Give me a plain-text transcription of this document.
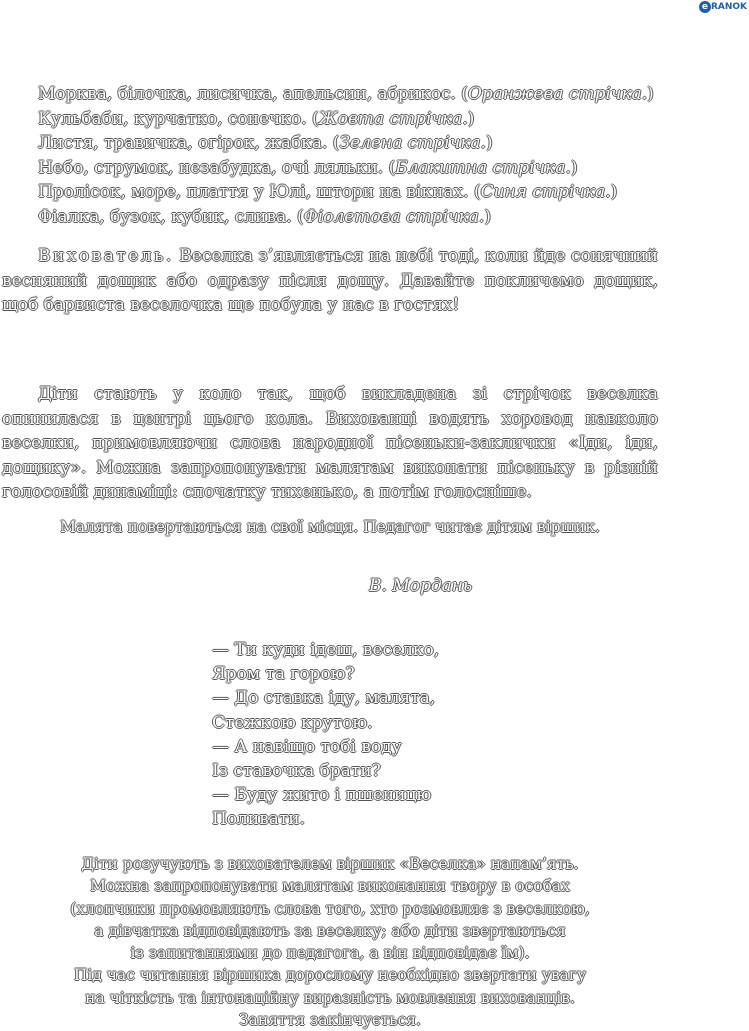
e RANOK
Морква, білочка, лисичка, апельсин, абрикос. (Оранжева стрічка.)
Кульбаби, курчатко, сонечко. (Жовта стрічка.)
Листя, травичка, огірок, жабка. (Зелена стрічка.)
Небо, струмок, незабудка, очі ляльки. (Блакитна стрічка.)
Пролісок, море, плаття у Юлі, штори на вікнах. (Синя стрічка.)
Фіалка, бузок, кубик, слива. (Фіолетова стрічка.)

Вихователь. Веселка з’являється на небі тоді, коли йде сонячний весняний дощик або одразу після дощу. Давайте покличемо дощик, щоб барвиста веселочка ще побула у нас в гостях!

Діти стають у коло так, щоб викладена зі стрічок веселка опинилася в центрі цього кола. Вихованці водять хоровод навколо веселки, примовляючи слова народної пісеньки-заклички «Іди, іди, дощику». Можна запропонувати малятам виконати пісеньку в різній голосовій динаміці: спочатку тихенько, а потім голосніше.

Малята повертаються на свої місця. Педагог читає дітям віршик.
В. Мордань
— Ти куди ідеш, веселко,
Яром та горою?
— До ставка іду, малята,
Стежкою крутою.
— А навіщо тобі воду
Із ставочка брати?
— Буду жито і пшеницю
Поливати.
Діти розучують з вихователем віршик «Веселка» напам’ять.
Можна запропонувати малятам виконання твору в особах
(хлопчики промовляють слова того, хто розмовляє з веселкою,
а дівчатка відповідають за веселку; або діти звертаються
із запитаннями до педагога, а він відповідає їм).
Під час читання віршика дорослому необхідно звертати увагу
на чіткість та інтонаційну виразність мовлення вихованців.
Заняття закінчується.
